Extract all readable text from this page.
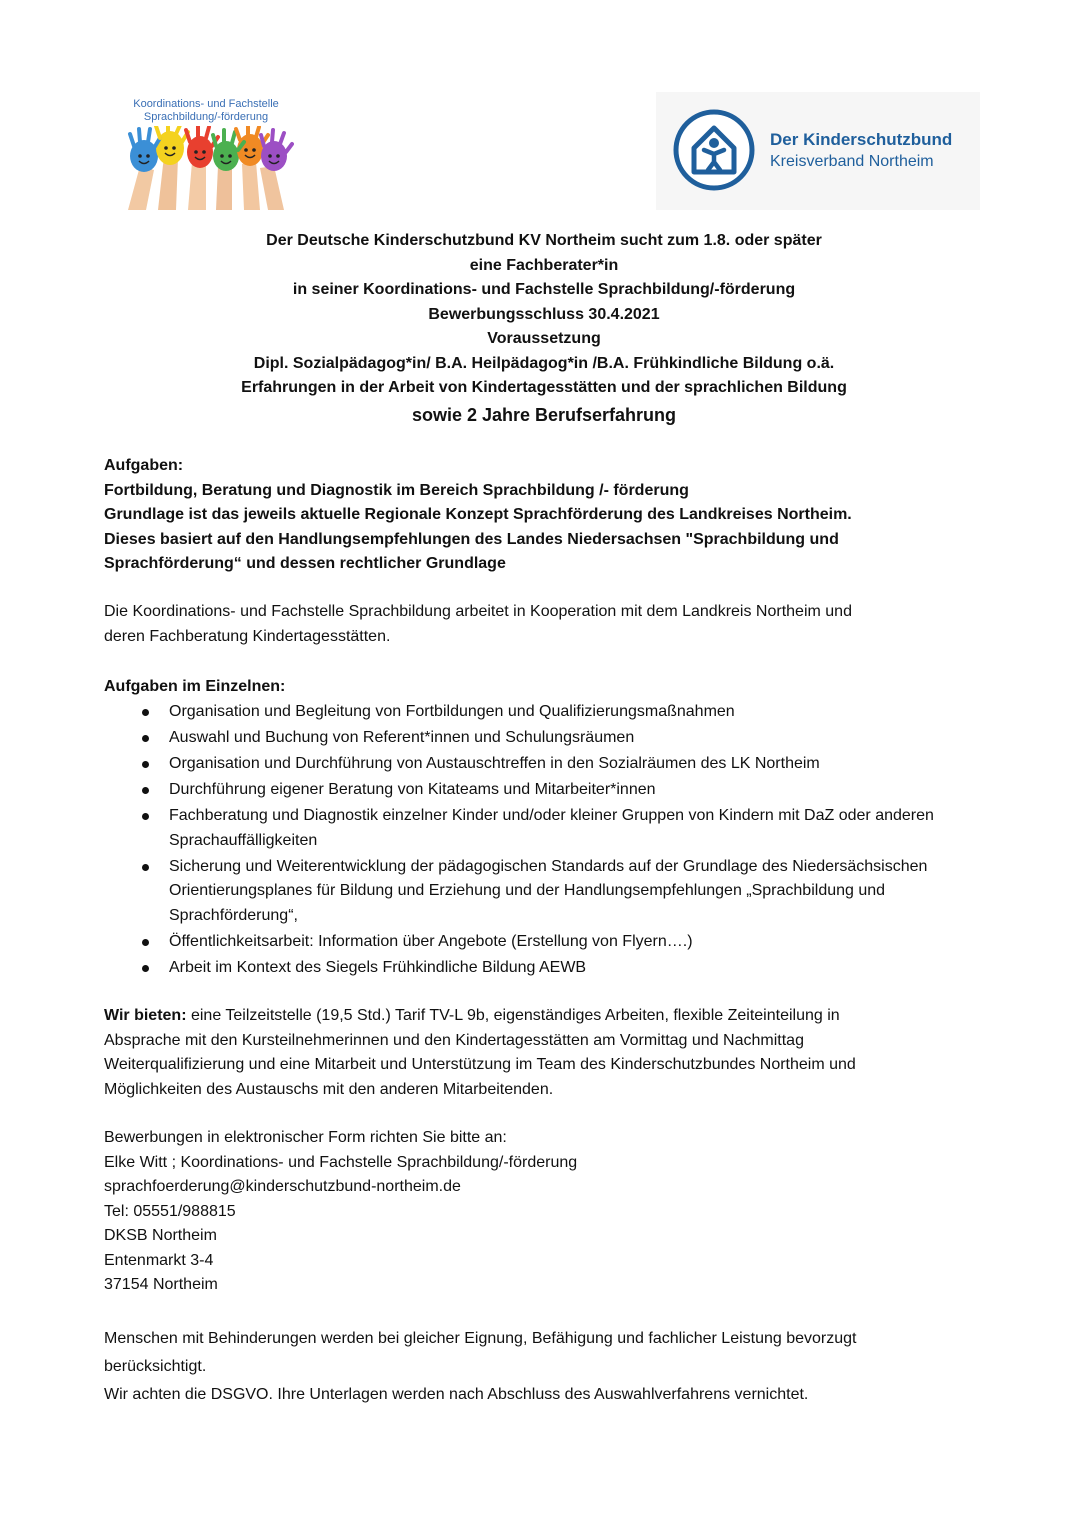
Koordinations- und Fachstelle
Sprachbildung/-förderung
Der Kinderschutzbund
Kreisverband Northeim
Der Deutsche Kinderschutzbund KV Northeim sucht zum 1.8. oder später
eine Fachberater*in
in seiner Koordinations- und Fachstelle Sprachbildung/-förderung
Bewerbungsschluss 30.4.2021
Voraussetzung
Dipl. Sozialpädagog*in/ B.A. Heilpädagog*in /B.A. Frühkindliche Bildung o.ä.
Erfahrungen in der Arbeit von Kindertagesstätten und der sprachlichen Bildung
sowie 2 Jahre Berufserfahrung
Aufgaben:
Fortbildung, Beratung und Diagnostik im Bereich Sprachbildung /- förderung
Grundlage ist das jeweils aktuelle Regionale Konzept Sprachförderung des Landkreises Northeim.
Dieses basiert auf den Handlungsempfehlungen des Landes Niedersachsen "Sprachbildung und
Sprachförderung“ und dessen rechtlicher Grundlage
Die Koordinations- und Fachstelle Sprachbildung arbeitet in Kooperation mit dem Landkreis Northeim und
deren Fachberatung Kindertagesstätten.
Aufgaben im Einzelnen:
Organisation und Begleitung von Fortbildungen und Qualifizierungsmaßnahmen
Auswahl und Buchung von Referent*innen und Schulungsräumen
Organisation und Durchführung von Austauschtreffen in den Sozialräumen des LK Northeim
Durchführung eigener Beratung von Kitateams und Mitarbeiter*innen
Fachberatung und Diagnostik einzelner Kinder und/oder kleiner Gruppen von Kindern mit DaZ oder anderen Sprachauffälligkeiten
Sicherung und Weiterentwicklung der pädagogischen Standards auf der Grundlage des Niedersächsischen Orientierungsplanes für Bildung und Erziehung und der Handlungsempfehlungen „Sprachbildung und Sprachförderung“,
Öffentlichkeitsarbeit: Information über Angebote (Erstellung von Flyern….)
Arbeit im Kontext des Siegels Frühkindliche Bildung AEWB
Wir bieten: eine Teilzeitstelle (19,5 Std.) Tarif TV-L 9b, eigenständiges Arbeiten, flexible Zeiteinteilung in
Absprache mit den Kursteilnehmerinnen und den Kindertagesstätten am Vormittag und Nachmittag
Weiterqualifizierung und eine Mitarbeit und Unterstützung im Team des Kinderschutzbundes Northeim und
Möglichkeiten des Austauschs mit den anderen Mitarbeitenden.
Bewerbungen in elektronischer Form richten Sie bitte an:
Elke Witt ; Koordinations- und Fachstelle Sprachbildung/-förderung
sprachfoerderung@kinderschutzbund-northeim.de
Tel: 05551/988815
DKSB Northeim
Entenmarkt 3-4
37154 Northeim
Menschen mit Behinderungen werden bei gleicher Eignung, Befähigung und fachlicher Leistung bevorzugt
berücksichtigt.
Wir achten die DSGVO. Ihre Unterlagen werden nach Abschluss des Auswahlverfahrens vernichtet.
